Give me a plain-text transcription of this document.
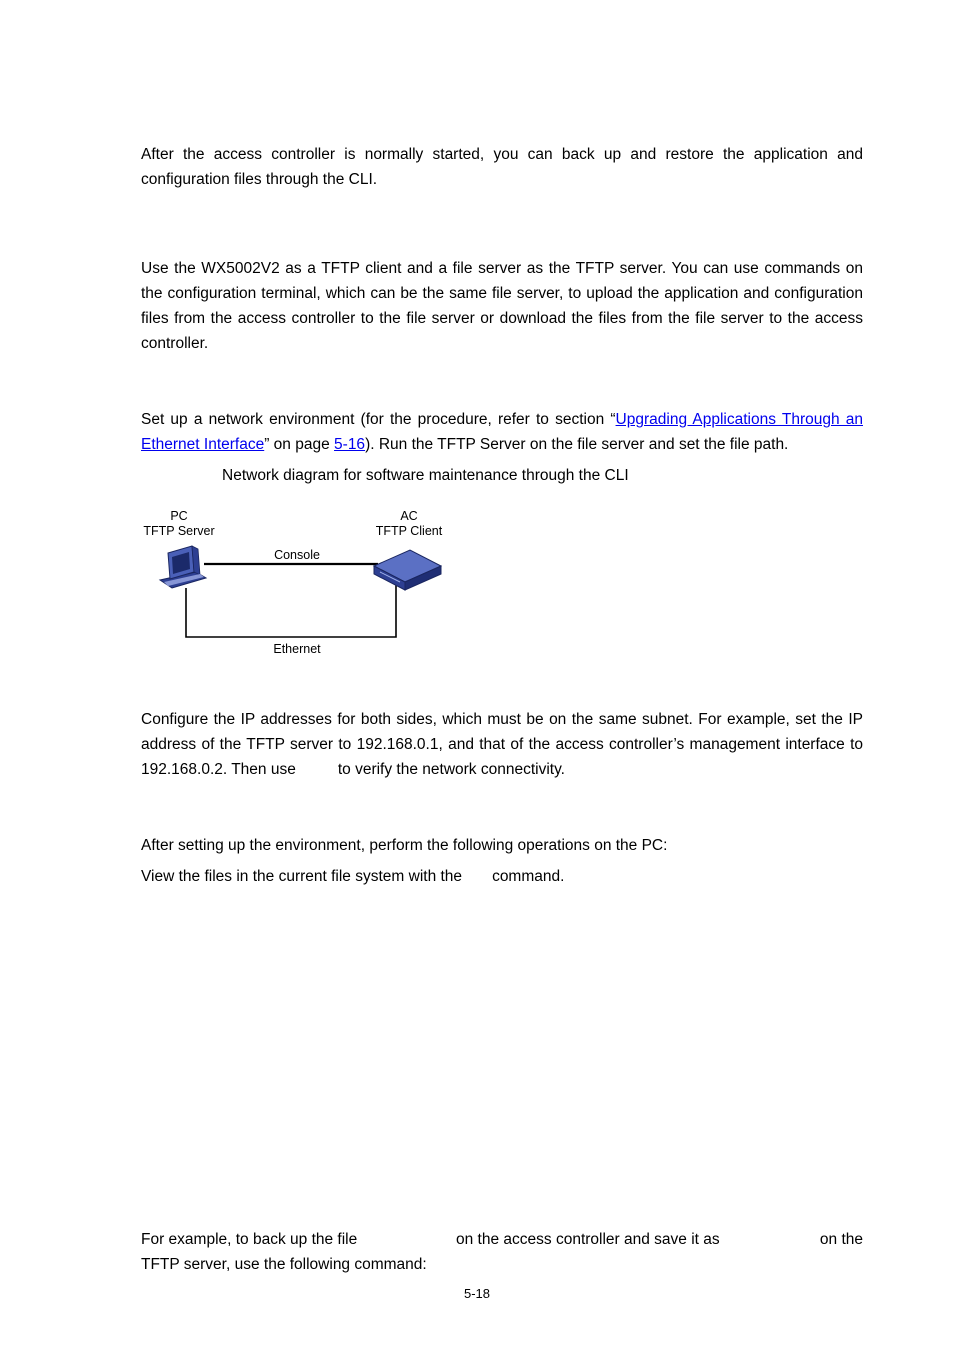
After the access controller is normally started, you can back up and restore the application and
configuration files through the CLI.
Use the WX5002V2 as a TFTP client and a file server as the TFTP server. You can use commands on
the configuration terminal, which can be the same file server, to upload the application and configuration
files from the access controller to the file server or download the files from the file server to the access
controller.
Set up a network environment (for the procedure, refer to section “Upgrading Applications Through an
Ethernet Interface” on page 5-16). Run the TFTP Server on the file server and set the file path.

Network diagram for software maintenance through the CLI

PC
TFTP Server
AC
TFTP Client
Console
Ethernet
Configure the IP addresses for both sides, which must be on the same subnet. For example, set the IP
address of the TFTP server to 192.168.0.1, and that of the access controller’s management interface to
192.168.0.2. Then use	to verify the network connectivity.
After setting up the environment, perform the following operations on the PC:
View the files in the current file system with the command.
For example, to back up the file	on the access controller and save it as	on the
TFTP server, use the following command:
5-18
